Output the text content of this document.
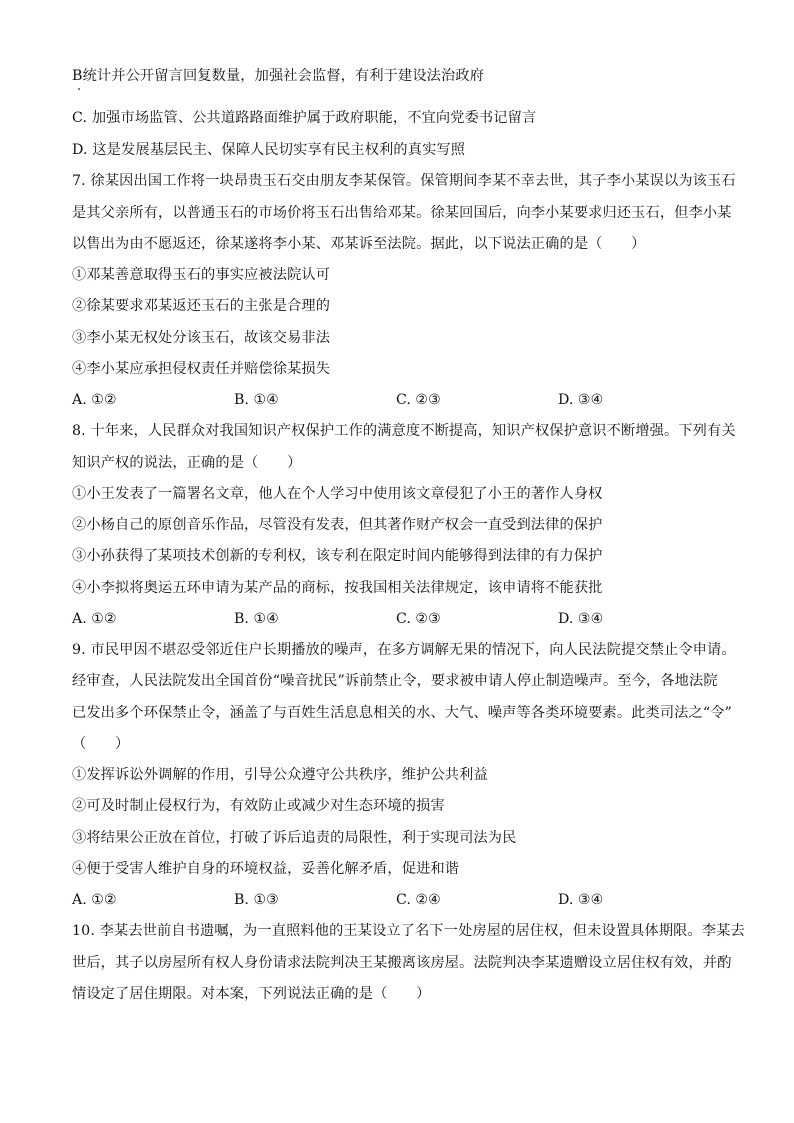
B统计并公开留言回复数量，加强社会监督，有利于建设法治政府
C. 加强市场监管、公共道路路面维护属于政府职能，不宜向党委书记留言
D. 这是发展基层民主、保障人民切实享有民主权利的真实写照
7. 徐某因出国工作将一块昂贵玉石交由朋友李某保管。保管期间李某不幸去世，其子李小某误以为该玉石
是其父亲所有，以普通玉石的市场价将玉石出售给邓某。徐某回国后，向李小某要求归还玉石，但李小某
以售出为由不愿返还，徐某遂将李小某、邓某诉至法院。据此，以下说法正确的是（　　）
①邓某善意取得玉石的事实应被法院认可
②徐某要求邓某返还玉石的主张是合理的
③李小某无权处分该玉石，故该交易非法
④李小某应承担侵权责任并赔偿徐某损失
A. ①②	B. ①④	C. ②③	D. ③④
8. 十年来，人民群众对我国知识产权保护工作的满意度不断提高，知识产权保护意识不断增强。下列有关
知识产权的说法，正确的是（　　）
①小王发表了一篇署名文章，他人在个人学习中使用该文章侵犯了小王的著作人身权
②小杨自己的原创音乐作品，尽管没有发表，但其著作财产权会一直受到法律的保护
③小孙获得了某项技术创新的专利权，该专利在限定时间内能够得到法律的有力保护
④小李拟将奥运五环申请为某产品的商标，按我国相关法律规定，该申请将不能获批
A. ①②	B. ①④	C. ②③	D. ③④
9. 市民甲因不堪忍受邻近住户长期播放的噪声，在多方调解无果的情况下，向人民法院提交禁止令申请。
经审查，人民法院发出全国首份“噪音扰民”诉前禁止令，要求被申请人停止制造噪声。至今，各地法院
已发出多个环保禁止令，涵盖了与百姓生活息息相关的水、大气、噪声等各类环境要素。此类司法之“令”
（　　）
①发挥诉讼外调解的作用，引导公众遵守公共秩序，维护公共利益
②可及时制止侵权行为，有效防止或减少对生态环境的损害
③将结果公正放在首位，打破了诉后追责的局限性，利于实现司法为民
④便于受害人维护自身的环境权益，妥善化解矛盾，促进和谐
A. ①②	B. ①③	C. ②④	D. ③④
10. 李某去世前自书遗嘱，为一直照料他的王某设立了名下一处房屋的居住权，但未设置具体期限。李某去
世后，其子以房屋所有权人身份请求法院判决王某搬离该房屋。法院判决李某遗赠设立居住权有效，并酌
情设定了居住期限。对本案，下列说法正确的是（　　）
